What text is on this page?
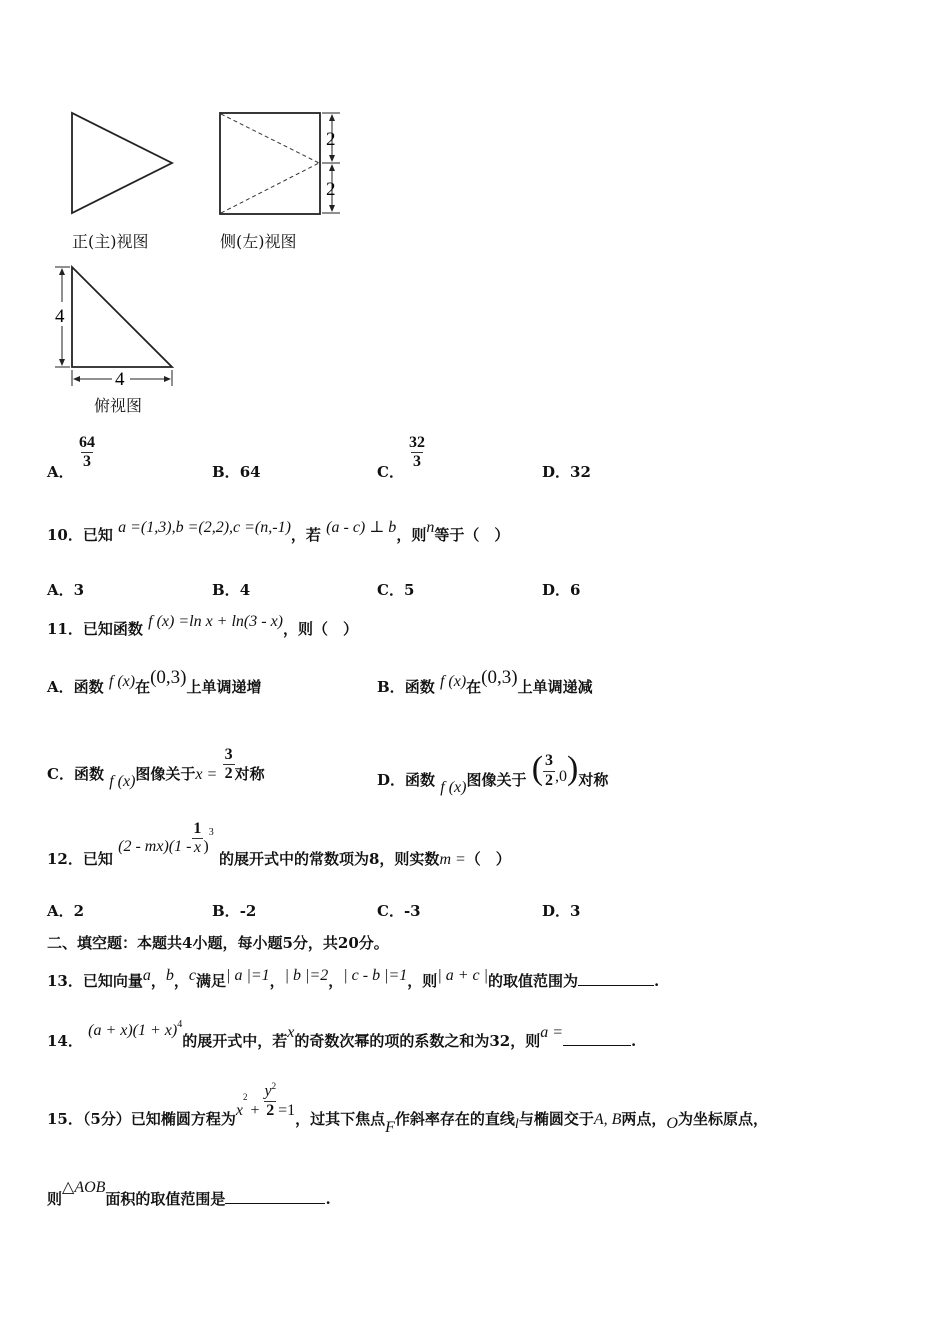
2
2
4
4
正(主)视图	侧(左)视图
俯视图
A．
$\frac{64}{3}$
B．64	C．
$\frac{32}{3}$
D．32
10．已知 a =(1,3),b =(2,2),c =(n,-1)，若 (a - c) ⊥ b，则n等于（　）
A．3	B．4	C．5	D．6
11．已知函数 f (x) =ln x + ln(3 - x)，则（　）
A．函数 f (x)在(0,3)上单调递增	B．函数 f (x)在(0,3)上单调递减
C．函数 f (x)图像关于$x = \frac{3}{2}$ 对称	D．函数 f (x)图像关于 ( $\frac{3}{2} ,0$)对称
12．已知 $(2 - mx)(1 - \frac{1}{x} )^3$ 的展开式中的常数项为8，则实数m =（　）
A．2	B．-2	C．-3	D．3
二、填空题：本题共4小题，每小题5分，共20分。
13．已知向量a，b，c满足| a |=1，| b |=2，| c - b |=1，则| a + c |的取值范围为	.
14． $(a + x)(1 + x)^4$的展开式中，若x的奇数次幂的项的系数之和为32，则a =	.
15．（5分）已知椭圆方程为$x^2+ \frac{y^2}{2} =1$，过其下焦点F作斜率存在的直线l与椭圆交于A, B两点，O为坐标原点，
则△AOB面积的取值范围是	.
